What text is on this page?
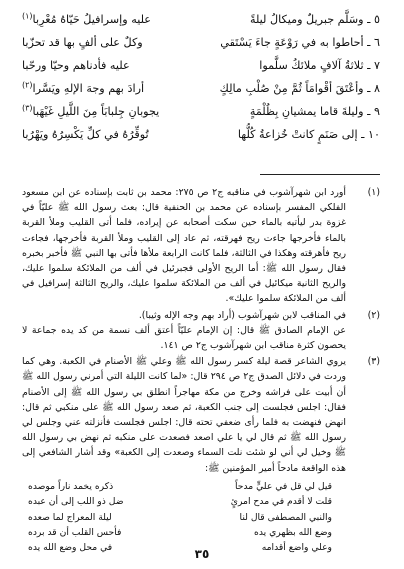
٥ ـ وسَلَّم جبريلٌ وميكالُ ليلةً
عليه وإسرافيلُ حَيّاهُ مُعْرِبا$^{(١)}$
٦ ـ أحاطوا به في رَوْعَةٍ جاءَ يَسْتَقي
وكلٌ على ألفٍ بها قد تحزّبا
٧ ـ ثلاثةُ آلافٍ ملائكُ سلَّموا
عليه فأدناهم وحيّا ورحّبا
٨ ـ وأعْتَقَ أقْوامَاً ثُمَّ مِنْ صُلْبِ مالِكٍ
أرادَ بهم وجهَ الإلهِ ويَسَّرا$^{(٢)}$
٩ ـ وليلةَ قاما يمشيانِ بِظُلْمَةٍ
يجوبانِ جِلبابَاً مِنَ اللَّيلِ غَيْهَبا$^{(٣)}$
١٠ ـ إلى صَنَمٍ كانتْ خُزاعةُ كُلُّها
تُوقِّرُهُ في كلِّ يَكْسِرُهُ ويَهْرُبا
(١)

أورد ابن شهرآشوب في مناقبه ج٢ ص ٢٧٥: محمد بن ثابت بإسناده عن ابن مسعود الفلكي المفسر بإسناده عن محمد بن الحنفية قال: بعث رسول الله ﷺ عليّاً في غزوة بدر ليأتيه بالماء حين سكت أصحابه عن إيراده، فلما أتى القليب وملأ القربة بالماء فأخرجها جاءت ريح فهرقته، ثم عاد إلى القليب وملأ القربة فأخرجها، فجاءت ريح فأهرقته وهكذا في الثالثة، فلما كانت الرابعة ملأها فأتى بها النبي ﷺ فأخبر بخبره فقال رسول الله ﷺ: أما الريح الأولى فجبرئيل في ألف من الملائكة سلموا عليك، والريح الثانية ميكائيل في ألف من الملائكة سلموا عليك، والريح الثالثة إسرافيل في ألف من الملائكة سلموا عليك».

(٢)

في المناقب لابن شهرآشوب (أراد بهم وجه الإله وثيبا).

عن الإمام الصادق ﷺ قال: إن الإمام عليّاً أعتق ألف نسمة من كد يده جماعة لا يحصون كثرة مناقب ابن شهرآشوب ج٢ ص ١٤١.

(٣)

يروي الشاعر قصة ليلة كسر رسول الله ﷺ وعلي ﷺ الأصنام في الكعبة. وهي كما وردت في دلائل الصدق ج٢ ص ٢٩٤ قال: «لما كانت الليلة التي أمرني رسول الله ﷺ أن أبيت على فراشه وخرج من مكة مهاجراً انطلق بي رسول الله ﷺ إلى الأصنام فقال: اجلس فجلست إلى جنب الكعبة، ثم صعد رسول الله ﷺ على منكبي ثم قال: انهض فنهضت به فلما رأى ضعفي تحته قال: اجلس فجلست فأنزلته عني وجلس لي رسول الله ﷺ ثم قال لي يا علي اصعد فصعدت على منكبه ثم نهض بي رسول الله ﷺ وخيل لي أني لو شئت نلت السماء وصعدت إلى الكعبة» وقد أشار الشافعي إلى هذه الواقعة مادحاً أمير المؤمنين ﷺ:

قيل لي قل في عليٍّ مدحاً
ذكره يخمد ناراً موصده
قلت لا أقدم في مدح امرئٍ
ضل ذو اللب إلى أن عبده
والنبي المصطفى قال لنا
ليلة المعراج لما صعده
وضع الله بظهري يده
فأحس القلب أن قد برده
وعلي واضع أقدامه
في محل وضع الله يده	٣٥
